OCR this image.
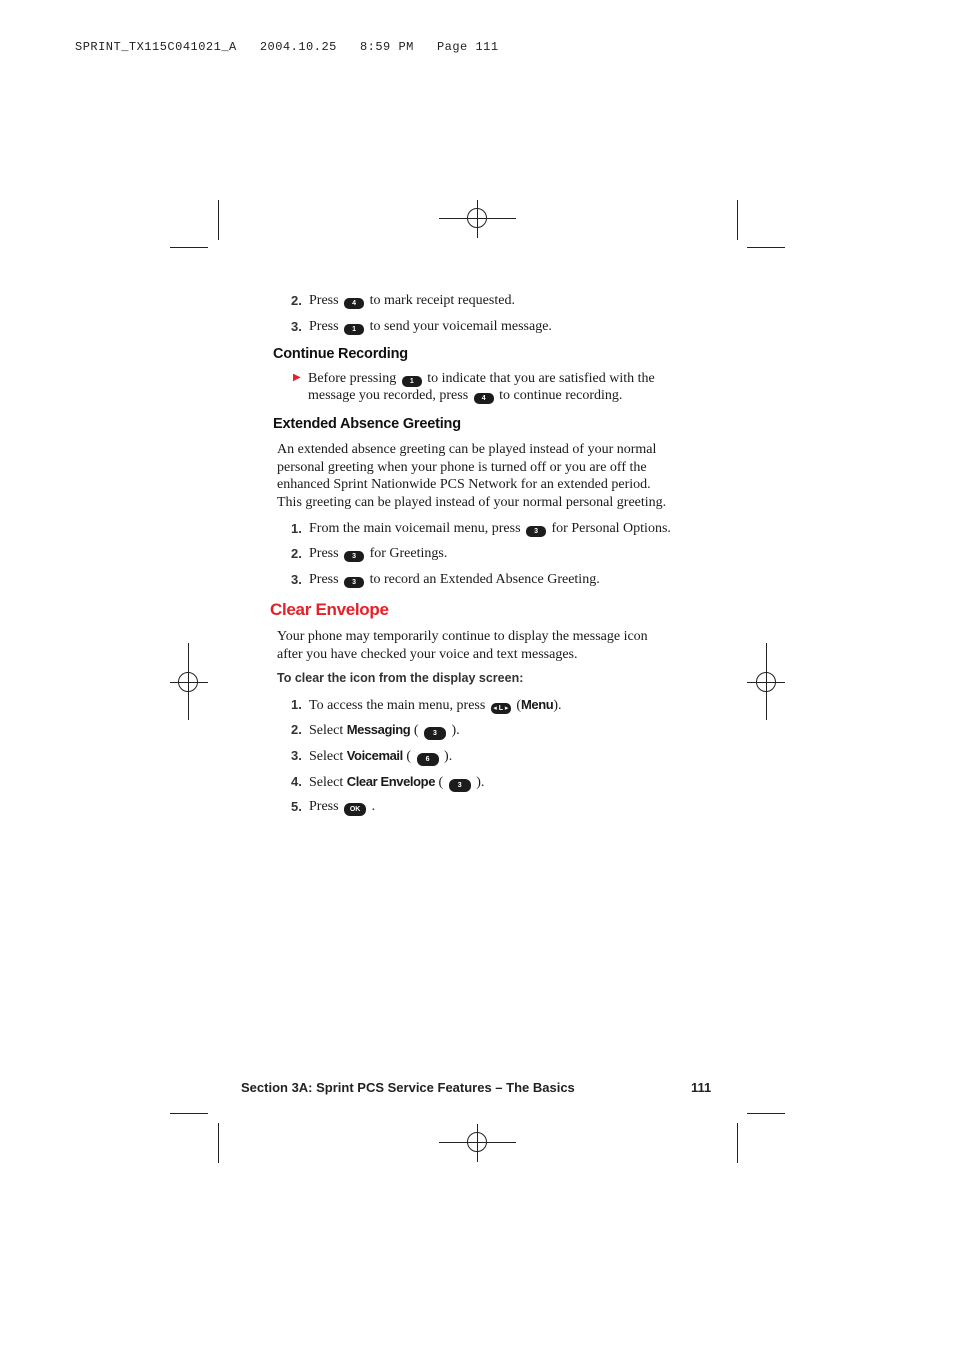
SPRINT_TX115C041021_A   2004.10.25   8:59 PM   Page 111
2. Press 4 to mark receipt requested.
3. Press 1 to send your voicemail message.
Continue Recording
▶ Before pressing 1 to indicate that you are satisfied with the
message you recorded, press 4 to continue recording.
Extended Absence Greeting
An extended absence greeting can be played instead of your normal
personal greeting when your phone is turned off or you are off the
enhanced Sprint Nationwide PCS Network for an extended period.
This greeting can be played instead of your normal personal greeting.
1. From the main voicemail menu, press 3 for Personal Options.
2. Press 3 for Greetings.
3. Press 3 to record an Extended Absence Greeting.
Clear Envelope
Your phone may temporarily continue to display the message icon
after you have checked your voice and text messages.
To clear the icon from the display screen:
1. To access the main menu, press ◂ L ▸ (Menu).
2. Select Messaging ( 3 ).
3. Select Voicemail ( 6 ).
4. Select Clear Envelope ( 3 ).
5. Press OK .
Section 3A: Sprint PCS Service Features – The Basics	111
